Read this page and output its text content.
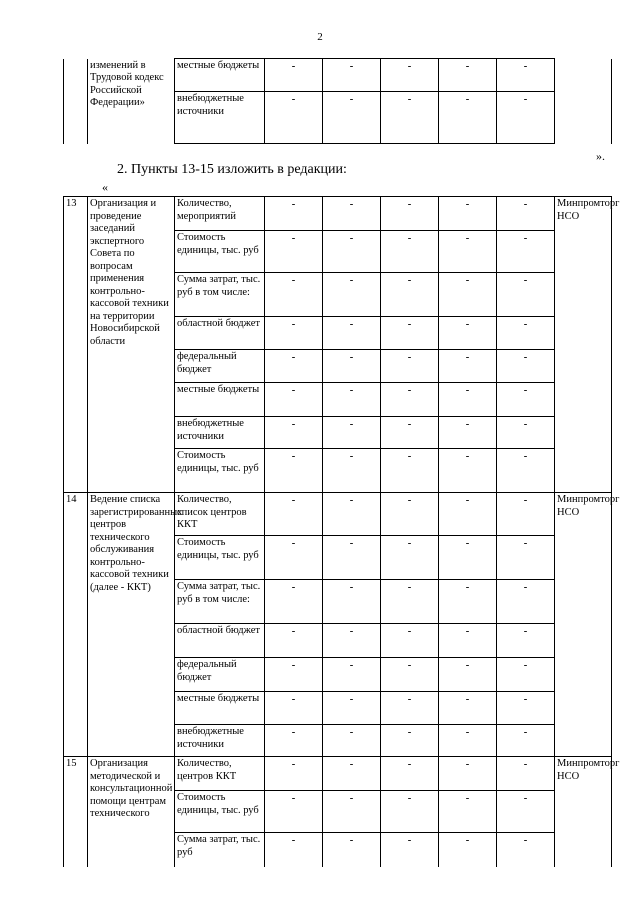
2
	изменений в Трудовой кодекс Российской Федерации»	местные бюджеты	-	-	-	-	-	
		внебюджетные источники	-	-	-	-	-	
».
2. Пункты 13-15 изложить в редакции:
«
13	Организация и проведение заседаний экспертного Совета по вопросам применения контрольно-кассовой техники на территории Новосибирской области	Количество, мероприятий	-	-	-	-	-	Минпромторг НСО
		Стоимость единицы, тыс. руб	-	-	-	-	-	
		Сумма затрат, тыс. руб в том числе:	-	-	-	-	-	
		областной бюджет	-	-	-	-	-	
		федеральный бюджет	-	-	-	-	-	
		местные бюджеты	-	-	-	-	-	
		внебюджетные источники	-	-	-	-	-	
		Стоимость единицы, тыс. руб	-	-	-	-	-	
14	Ведение списка зарегистрированных центров технического обслуживания контрольно-кассовой техники (далее - ККТ)	Количество, список центров ККТ	-	-	-	-	-	Минпромторг НСО
		Стоимость единицы, тыс. руб	-	-	-	-	-	
		Сумма затрат, тыс. руб в том числе:	-	-	-	-	-	
		областной бюджет	-	-	-	-	-	
		федеральный бюджет	-	-	-	-	-	
		местные бюджеты	-	-	-	-	-	
		внебюджетные источники	-	-	-	-	-	
15	Организация методической и консультационной помощи центрам технического	Количество, центров ККТ	-	-	-	-	-	Минпромторг НСО
		Стоимость единицы, тыс. руб	-	-	-	-	-	
		Сумма затрат, тыс. руб	-	-	-	-	-	
